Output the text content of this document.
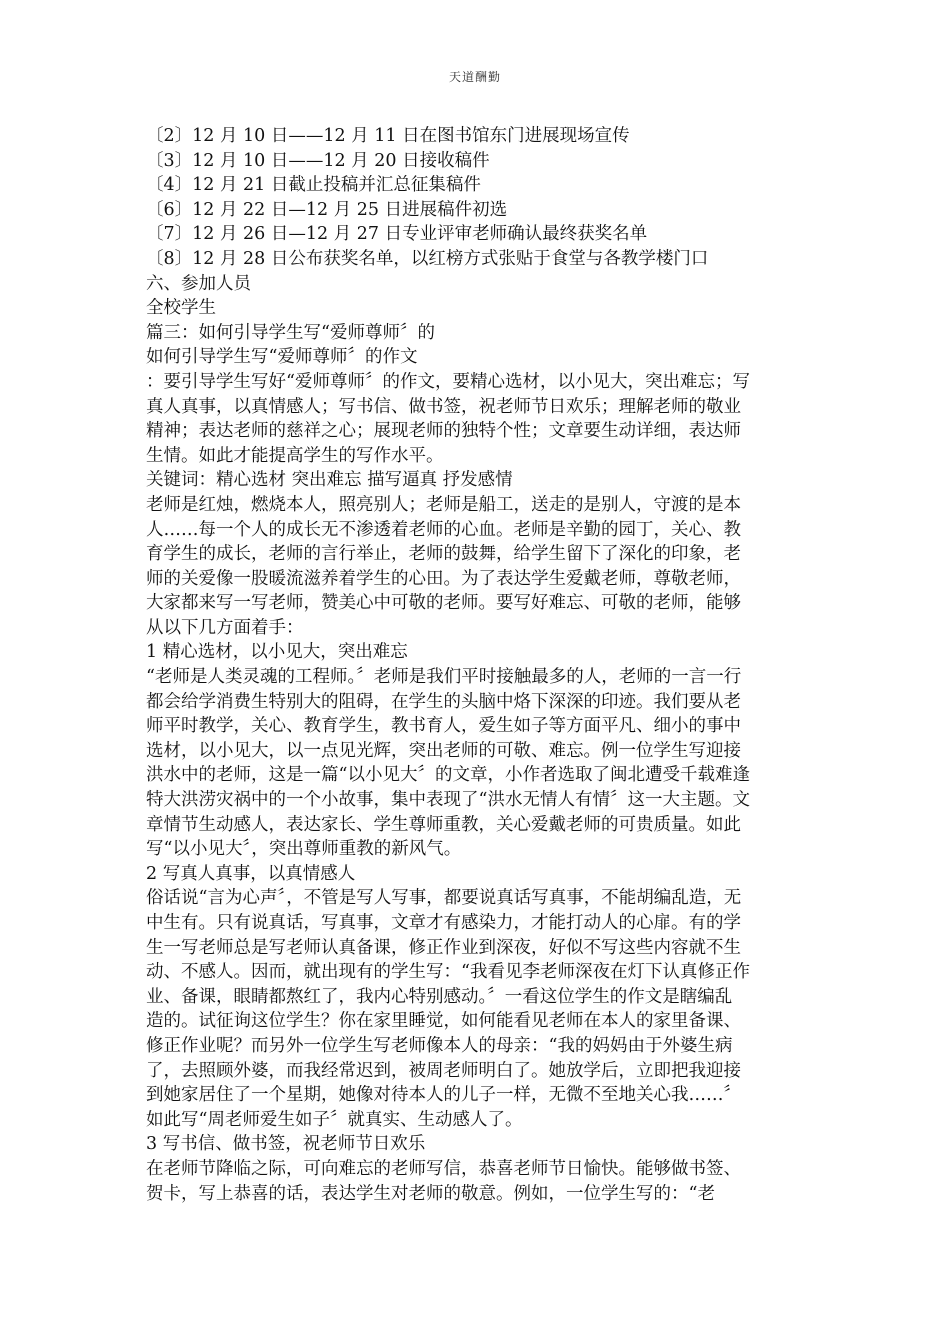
天道酬勤
〔2〕12 月 10 日——12 月 11 日在图书馆东门进展现场宣传
〔3〕12 月 10 日——12 月 20 日接收稿件
〔4〕12 月 21 日截止投稿并汇总征集稿件
〔6〕12 月 22 日—12 月 25 日进展稿件初选
〔7〕12 月 26 日—12 月 27 日专业评审老师确认最终获奖名单
〔8〕12 月 28 日公布获奖名单，以红榜方式张贴于食堂与各教学楼门口
六、参加人员
全校学生
篇三：如何引导学生写“爱师尊师〞的
如何引导学生写“爱师尊师〞的作文
：要引导学生写好“爱师尊师〞的作文，要精心选材，以小见大，突出难忘；写
真人真事，以真情感人；写书信、做书签，祝老师节日欢乐；理解老师的敬业
精神；表达老师的慈祥之心；展现老师的独特个性；文章要生动详细，表达师
生情。如此才能提高学生的写作水平。
关键词：精心选材 突出难忘 描写逼真 抒发感情
老师是红烛，燃烧本人，照亮别人；老师是船工，送走的是别人，守渡的是本
人……每一个人的成长无不渗透着老师的心血。老师是辛勤的园丁，关心、教
育学生的成长，老师的言行举止，老师的鼓舞，给学生留下了深化的印象，老
师的关爱像一股暖流滋养着学生的心田。为了表达学生爱戴老师，尊敬老师，
大家都来写一写老师，赞美心中可敬的老师。要写好难忘、可敬的老师，能够
从以下几方面着手：
1 精心选材，以小见大，突出难忘
“老师是人类灵魂的工程师。〞老师是我们平时接触最多的人，老师的一言一行
都会给学消费生特别大的阻碍，在学生的头脑中烙下深深的印迹。我们要从老
师平时教学，关心、教育学生，教书育人，爱生如子等方面平凡、细小的事中
选材，以小见大，以一点见光辉，突出老师的可敬、难忘。例一位学生写迎接
洪水中的老师，这是一篇“以小见大〞的文章，小作者选取了闽北遭受千载难逢
特大洪涝灾祸中的一个小故事，集中表现了“洪水无情人有情〞这一大主题。文
章情节生动感人，表达家长、学生尊师重教，关心爱戴老师的可贵质量。如此
写“以小见大〞，突出尊师重教的新风气。
2 写真人真事，以真情感人
俗话说“言为心声〞，不管是写人写事，都要说真话写真事，不能胡编乱造，无
中生有。只有说真话，写真事，文章才有感染力，才能打动人的心扉。有的学
生一写老师总是写老师认真备课，修正作业到深夜，好似不写这些内容就不生
动、不感人。因而，就出现有的学生写：“我看见李老师深夜在灯下认真修正作
业、备课，眼睛都熬红了，我内心特别感动。〞一看这位学生的作文是瞎编乱
造的。试征询这位学生？你在家里睡觉，如何能看见老师在本人的家里备课、
修正作业呢？而另外一位学生写老师像本人的母亲：“我的妈妈由于外婆生病
了，去照顾外婆，而我经常迟到，被周老师明白了。她放学后，立即把我迎接
到她家居住了一个星期，她像对待本人的儿子一样，无微不至地关心我……〞
如此写“周老师爱生如子〞就真实、生动感人了。
3 写书信、做书签，祝老师节日欢乐
在老师节降临之际，可向难忘的老师写信，恭喜老师节日愉快。能够做书签、
贺卡，写上恭喜的话，表达学生对老师的敬意。例如，一位学生写的：“老
